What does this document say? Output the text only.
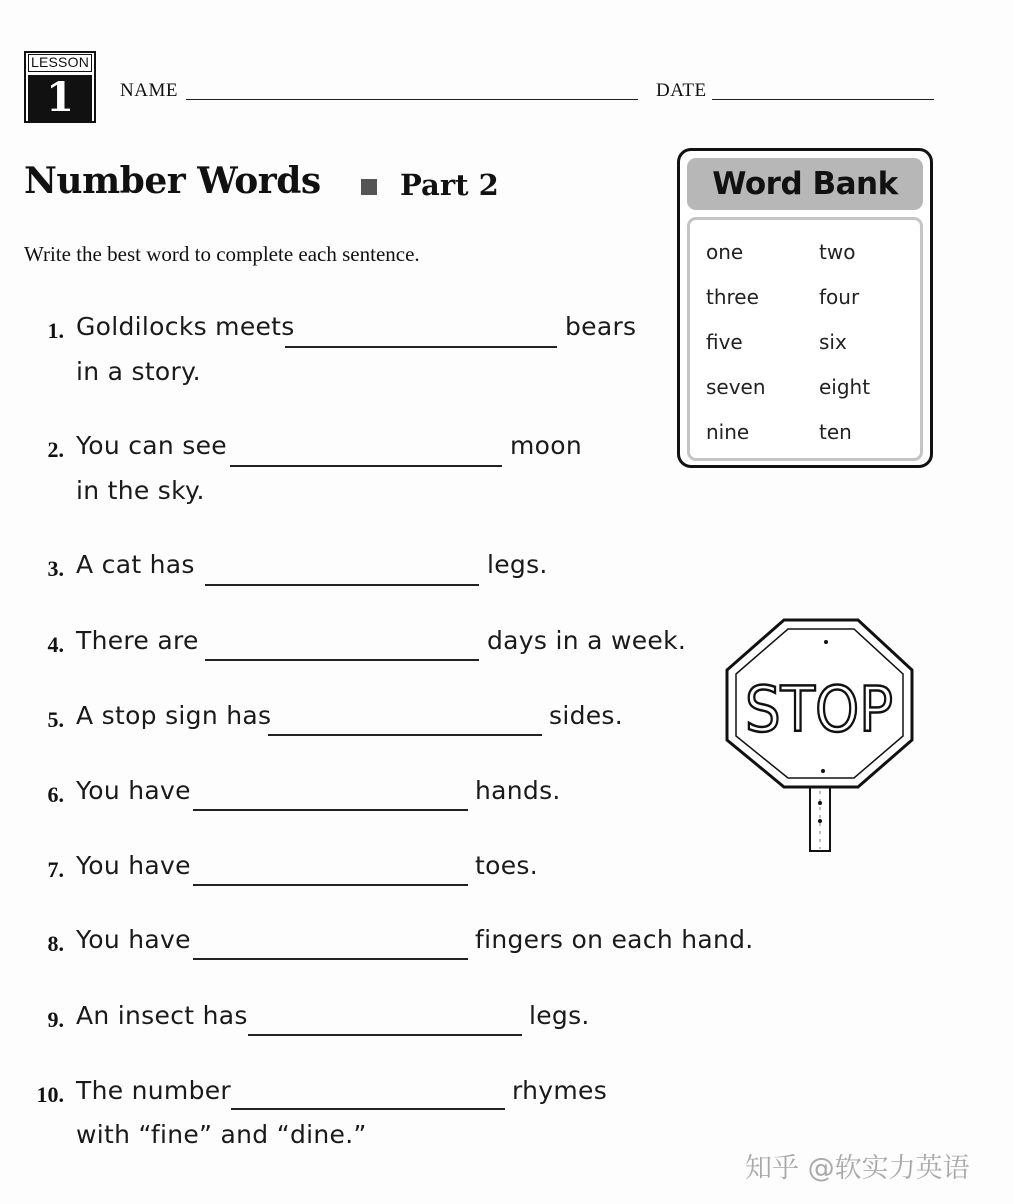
LESSON
1	NAME	DATE
Number Words	Part 2
Write the best word to complete each sentence.
1. Goldilocks meets	bears
in a story.
2. You can see	moon
in the sky.
3. A cat has	legs.
4. There are	days in a week.
5. A stop sign has	sides.
6. You have	hands.
7. You have	toes.
8. You have	fingers on each hand.
9. An insect has	legs.
10. The number	rhymes
with “fine” and “dine.”
Word Bank
one	two
three	four
five	six
seven	eight
nine	ten
STOP
知乎 @软实力英语
